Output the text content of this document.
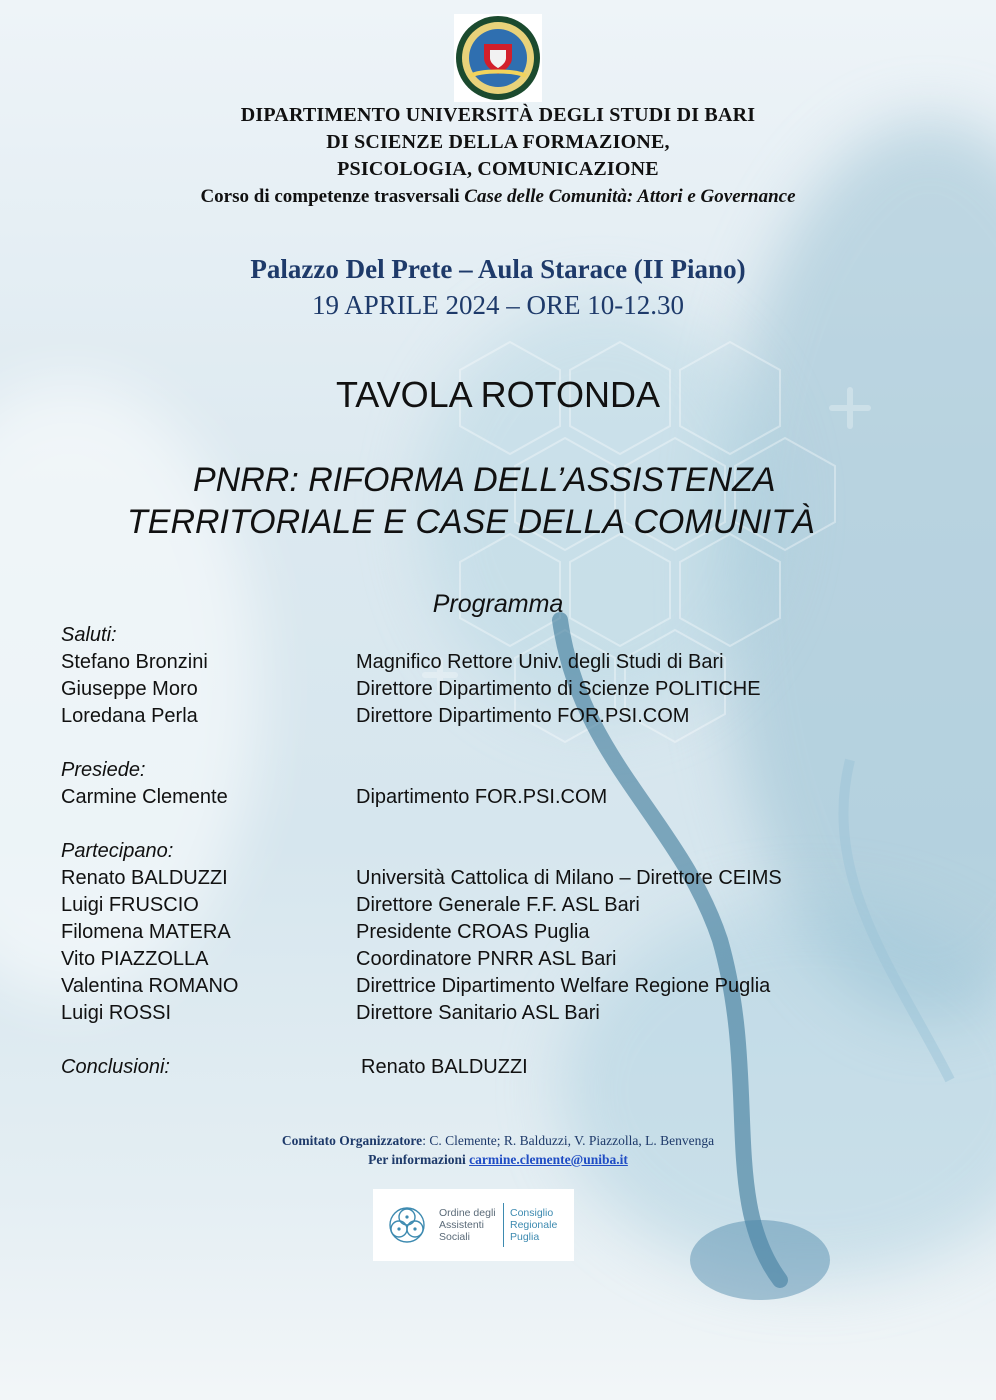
DIPARTIMENTO UNIVERSITÀ DEGLI STUDI DI BARI
DI SCIENZE DELLA FORMAZIONE,
PSICOLOGIA, COMUNICAZIONE
Corso di competenze trasversali Case delle Comunità: Attori e Governance
Palazzo Del Prete – Aula Starace (II Piano)
19 APRILE 2024 – ORE 10-12.30
TAVOLA ROTONDA
PNRR: RIFORMA DELL’ASSISTENZA
TERRITORIALE E CASE DELLA COMUNITÀ
Programma
Saluti:
Stefano Bronzini	Magnifico Rettore Univ. degli Studi di Bari
Giuseppe Moro	Direttore Dipartimento di Scienze POLITICHE
Loredana Perla	Direttore Dipartimento FOR.PSI.COM
Presiede:
Carmine Clemente	Dipartimento FOR.PSI.COM
Partecipano:
Renato BALDUZZI	Università Cattolica di Milano – Direttore CEIMS
Luigi FRUSCIO	Direttore Generale F.F. ASL Bari
Filomena MATERA	Presidente CROAS Puglia
Vito PIAZZOLLA	Coordinatore PNRR ASL Bari
Valentina ROMANO	Direttrice Dipartimento Welfare Regione Puglia
Luigi ROSSI	Direttore Sanitario ASL Bari
Conclusioni:	Renato BALDUZZI
Comitato Organizzatore: C. Clemente; R. Balduzzi, V. Piazzolla, L. Benvenga
Per informazioni carmine.clemente@uniba.it
Ordine degli
Assistenti
Sociali
Consiglio
Regionale
Puglia
